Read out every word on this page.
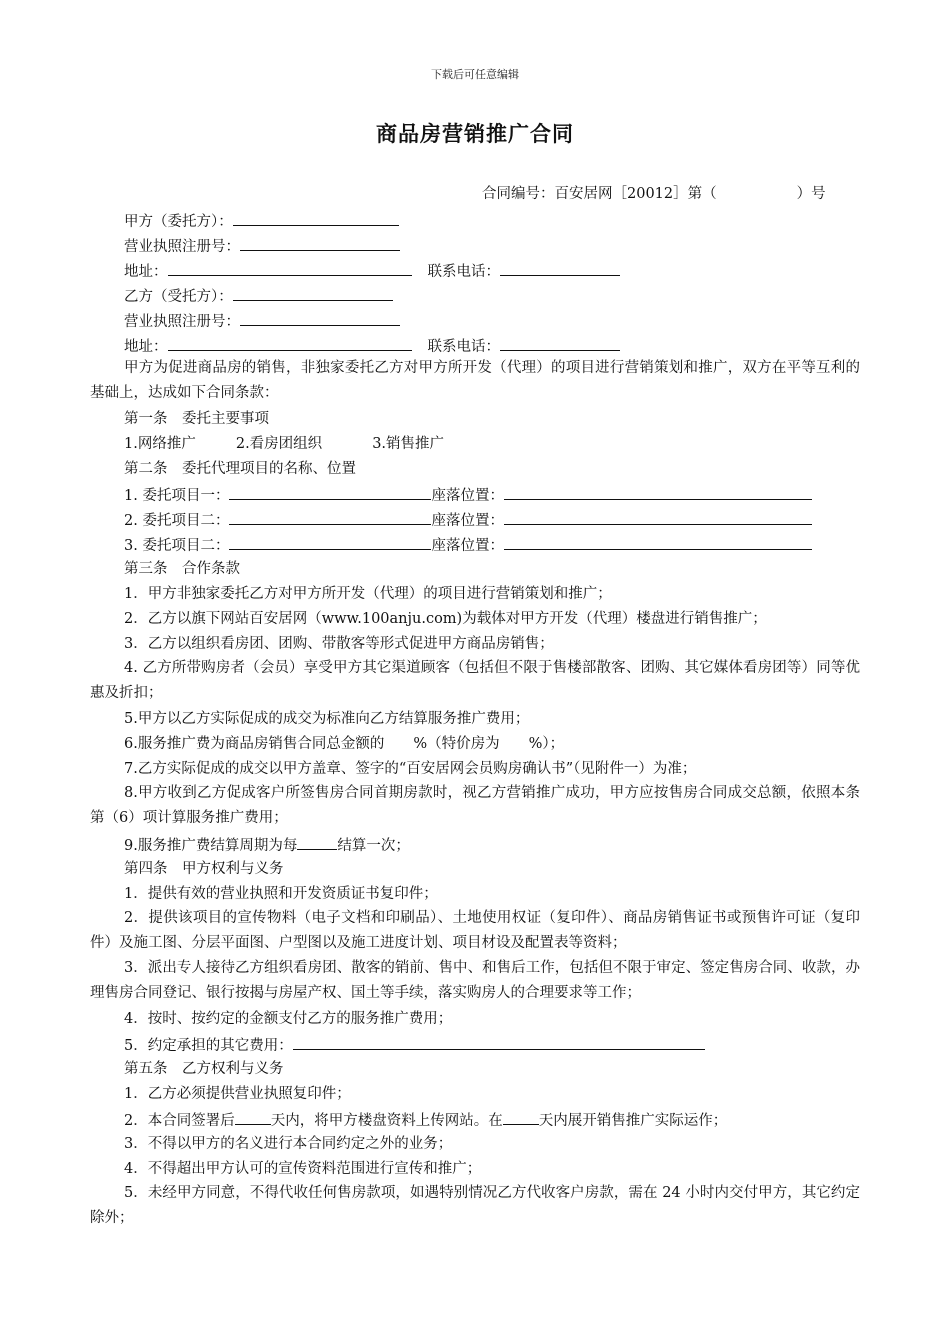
下载后可任意编辑
商品房营销推广合同
合同编号：百安居网［20012］第（	）号
甲方（委托方）：
营业执照注册号：
地址：	联系电话：
乙方（受托方）：
营业执照注册号：
地址：	联系电话：
甲方为促进商品房的销售，非独家委托乙方对甲方所开发（代理）的项目进行营销策划和推广，双方在平等互利的基础上，达成如下合同条款：
第一条　委托主要事项
1.网络推广	2.看房团组织	3.销售推广
第二条　委托代理项目的名称、位置
1. 委托项目一：	座落位置：
2. 委托项目二：	座落位置：
3. 委托项目二：	座落位置：
第三条　合作条款
1．甲方非独家委托乙方对甲方所开发（代理）的项目进行营销策划和推广；
2．乙方以旗下网站百安居网（www.100anju.com)为载体对甲方开发（代理）楼盘进行销售推广；
3．乙方以组织看房团、团购、带散客等形式促进甲方商品房销售；
4. 乙方所带购房者（会员）享受甲方其它渠道顾客（包括但不限于售楼部散客、团购、其它媒体看房团等）同等优惠及折扣；
5.甲方以乙方实际促成的成交为标准向乙方结算服务推广费用；
6.服务推广费为商品房销售合同总金额的　　%（特价房为　　%）；
7.乙方实际促成的成交以甲方盖章、签字的“百安居网会员购房确认书”（见附件一）为准；
8.甲方收到乙方促成客户所签售房合同首期房款时，视乙方营销推广成功，甲方应按售房合同成交总额，依照本条第（6）项计算服务推广费用；
9.服务推广费结算周期为每	结算一次；
第四条　甲方权利与义务
1．提供有效的营业执照和开发资质证书复印件；
2．提供该项目的宣传物料（电子文档和印刷品）、土地使用权证（复印件）、商品房销售证书或预售许可证（复印件）及施工图、分层平面图、户型图以及施工进度计划、项目材设及配置表等资料；
3．派出专人接待乙方组织看房团、散客的销前、售中、和售后工作，包括但不限于审定、签定售房合同、收款，办理售房合同登记、银行按揭与房屋产权、国土等手续，落实购房人的合理要求等工作；
4．按时、按约定的金额支付乙方的服务推广费用；
5．约定承担的其它费用：
第五条　乙方权利与义务
1．乙方必须提供营业执照复印件；
2．本合同签署后 天内，将甲方楼盘资料上传网站。在 天内展开销售推广实际运作；
3．不得以甲方的名义进行本合同约定之外的业务；
4．不得超出甲方认可的宣传资料范围进行宣传和推广；
5．未经甲方同意，不得代收任何售房款项，如遇特别情况乙方代收客户房款，需在 24 小时内交付甲方，其它约定除外；
